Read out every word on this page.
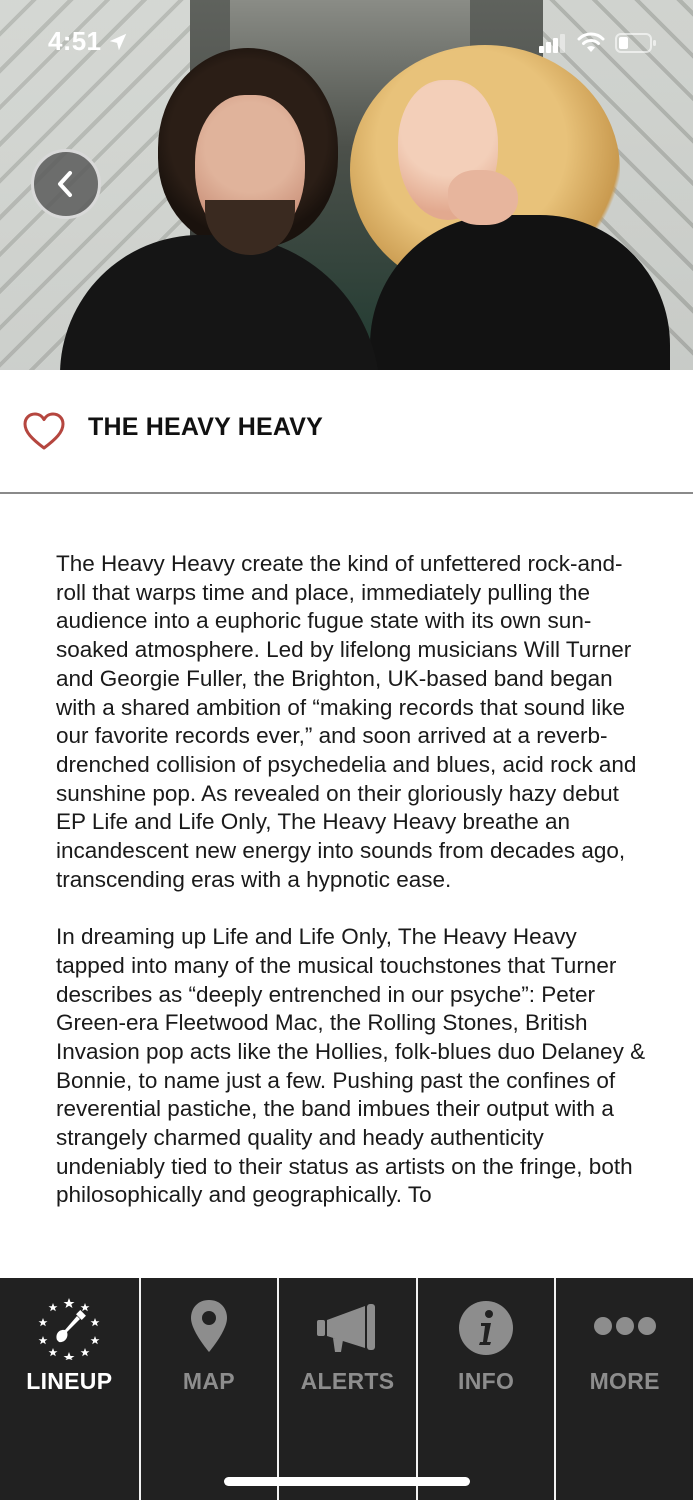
4:51
THE HEAVY HEAVY

The Heavy Heavy create the kind of unfettered rock-and-roll that warps time and place, immediately pulling the audience into a euphoric fugue state with its own sun-soaked atmosphere. Led by lifelong musicians Will Turner and Georgie Fuller, the Brighton, UK-based band began with a shared ambition of “making records that sound like our favorite records ever,” and soon arrived at a reverb-drenched collision of psychedelia and blues, acid rock and sunshine pop. As revealed on their gloriously hazy debut EP Life and Life Only, The Heavy Heavy breathe an incandescent new energy into sounds from decades ago, transcending eras with a hypnotic ease.

In dreaming up Life and Life Only, The Heavy Heavy tapped into many of the musical touchstones that Turner describes as “deeply entrenched in our psyche”: Peter Green-era Fleetwood Mac, the Rolling Stones, British Invasion pop acts like the Hollies, folk-blues duo Delaney & Bonnie, to name just a few. Pushing past the confines of reverential pastiche, the band imbues their output with a strangely charmed quality and heady authenticity undeniably tied to their status as artists on the fringe, both philosophically and geographically. To

LINEUP	MAP	ALERTS	INFO	MORE
